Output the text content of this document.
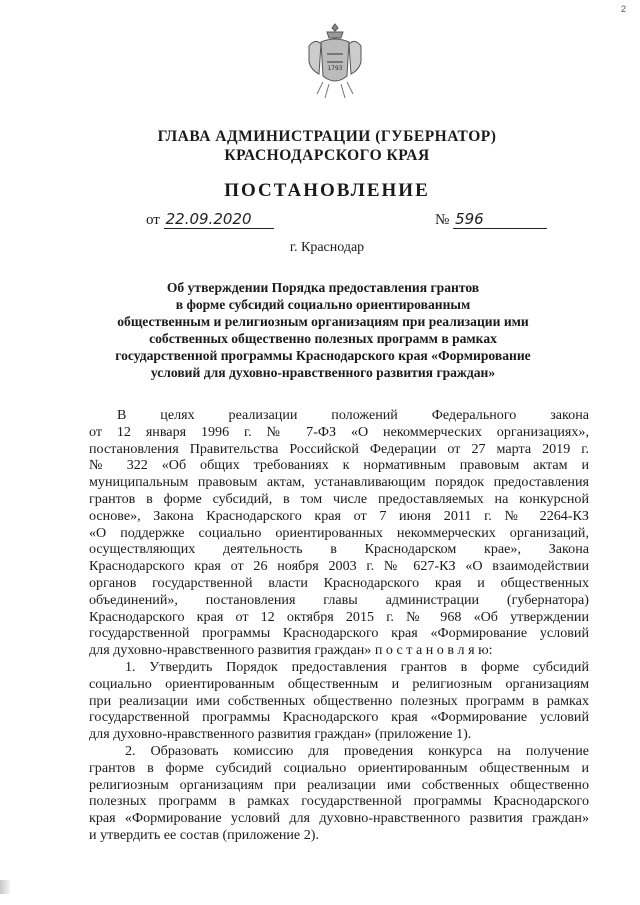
2
1793
ГЛАВА АДМИНИСТРАЦИИ (ГУБЕРНАТОР)
КРАСНОДАРСКОГО КРАЯ
ПОСТАНОВЛЕНИЕ
от 22.09.2020	№ 596
г. Краснодар
Об утверждении Порядка предоставления грантов
в форме субсидий социально ориентированным
общественным и религиозным организациям при реализации ими
собственных общественно полезных программ в рамках
государственной программы Краснодарского края «Формирование
условий для духовно-нравственного развития граждан»
В целях реализации положений Федерального закона
от 12 января 1996 г. № 7-ФЗ «О некоммерческих организациях»,
постановления Правительства Российской Федерации от 27 марта 2019 г.
№ 322 «Об общих требованиях к нормативным правовым актам и
муниципальным правовым актам, устанавливающим порядок предоставления
грантов в форме субсидий, в том числе предоставляемых на конкурсной
основе», Закона Краснодарского края от 7 июня 2011 г. № 2264-КЗ
«О поддержке социально ориентированных некоммерческих организаций,
осуществляющих деятельность в Краснодарском крае», Закона
Краснодарского края от 26 ноября 2003 г. № 627-КЗ «О взаимодействии
органов государственной власти Краснодарского края и общественных
объединений», постановления главы администрации (губернатора)
Краснодарского края от 12 октября 2015 г. № 968 «Об утверждении
государственной программы Краснодарского края «Формирование условий
для духовно-нравственного развития граждан» п о с т а н о в л я ю:
1. Утвердить Порядок предоставления грантов в форме субсидий
социально ориентированным общественным и религиозным организациям
при реализации ими собственных общественно полезных программ в рамках
государственной программы Краснодарского края «Формирование условий
для духовно-нравственного развития граждан» (приложение 1).
2. Образовать комиссию для проведения конкурса на получение
грантов в форме субсидий социально ориентированным общественным и
религиозным организациям при реализации ими собственных общественно
полезных программ в рамках государственной программы Краснодарского
края «Формирование условий для духовно-нравственного развития граждан»
и утвердить ее состав (приложение 2).
